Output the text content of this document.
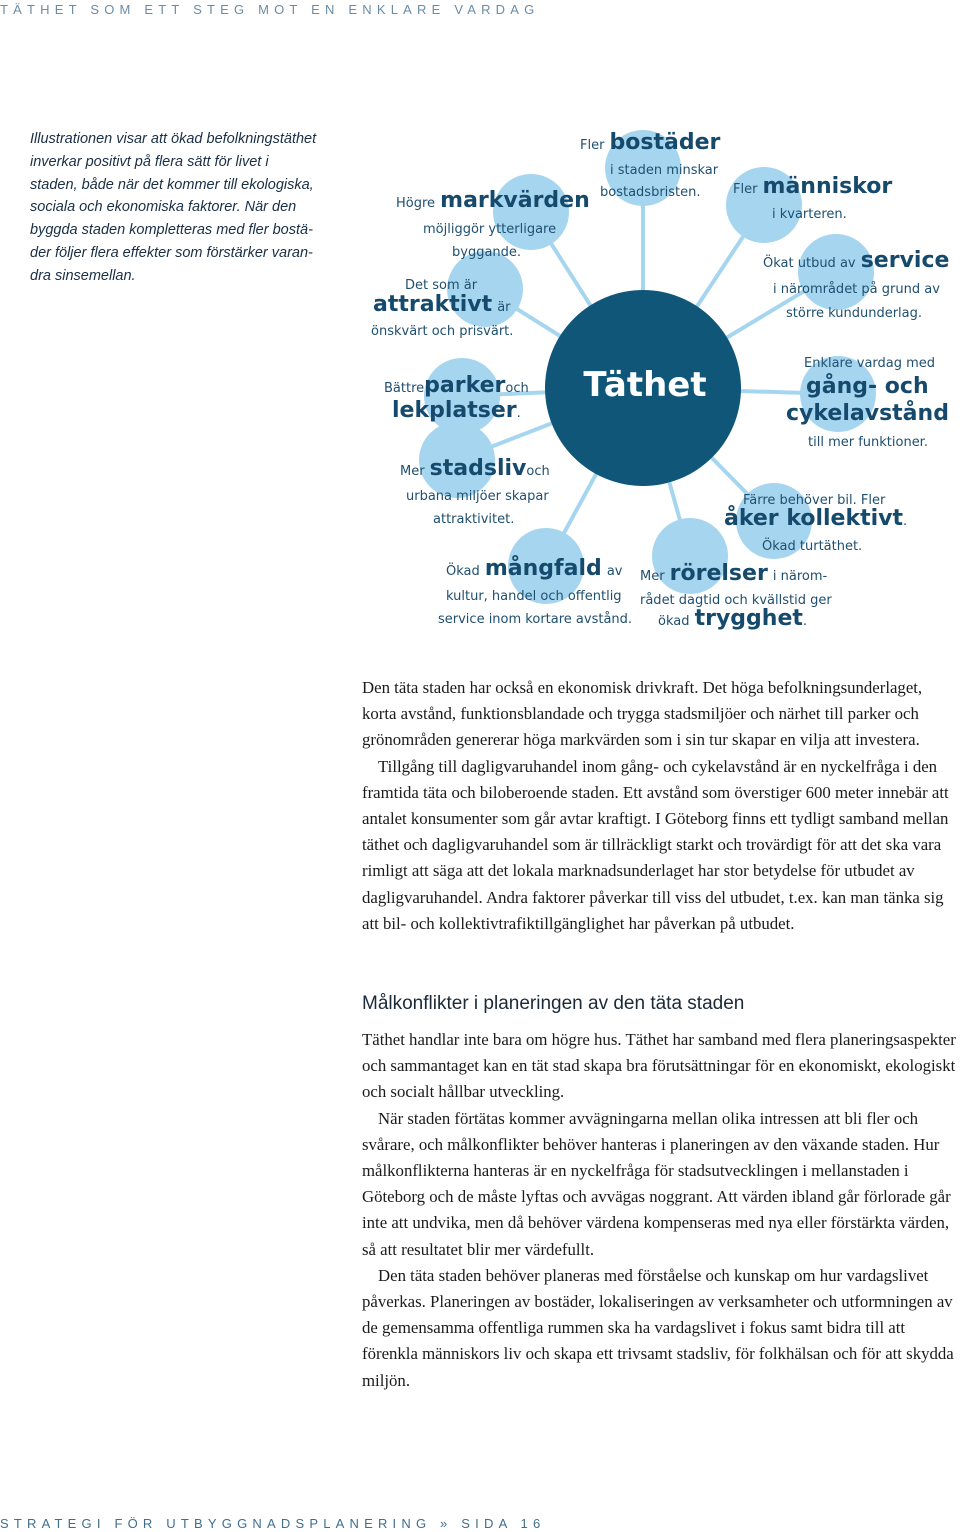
TÄTHET SOM ETT STEG MOT EN ENKLARE VARDAG
Illustrationen visar att ökad befolkningstäthet inverkar positivt på flera sätt för livet i staden, både när det kommer till ekologiska, sociala och ekonomiska faktorer. När den byggda staden kompletteras med fler bostäder följer flera effekter som förstärker varandra sinsemellan.
Täthet
Högre markvärden
möjliggör ytterligare
byggande.
Det som är
attraktivt är
önskvärt och prisvärt.
Bättreparkeroch
lekplatser.
Mer stadslivoch
urbana miljöer skapar
attraktivitet.
Ökad mångfald av
kultur, handel och offentlig
service inom kortare avstånd.
Fler bostäder
i staden minskar
bostadsbristen. Fler människor
i kvarteren.
Ökat utbud av service
i närområdet på grund av
större kundunderlag.
Enklare vardag med
gång- och
cykelavstånd
till mer funktioner.
Färre behöver bil. Fler
åker kollektivt.
Ökad turtäthet.
Mer rörelser i närom-
rådet dagtid och kvällstid ger
ökad trygghet.

Den täta staden har också en ekonomisk drivkraft. Det höga befolkningsunderlaget, korta avstånd, funktionsblandade och trygga stadsmiljöer och närhet till parker och grönområden genererar höga markvärden som i sin tur skapar en vilja att investera.

Tillgång till dagligvaruhandel inom gång- och cykelavstånd är en nyckelfråga i den framtida täta och biloberoende staden. Ett avstånd som överstiger 600 meter innebär att antalet konsumenter som går avtar kraftigt. I Göteborg finns ett tydligt samband mellan täthet och dagligvaruhandel som är tillräckligt starkt och trovärdigt för att det ska vara rimligt att säga att det lokala marknadsunderlaget har stor betydelse för utbudet av dagligvaruhandel. Andra faktorer påverkar till viss del utbudet, t.ex. kan man tänka sig att bil- och kollektivtrafiktillgänglighet har påverkan på utbudet.

Målkonflikter i planeringen av den täta staden

Täthet handlar inte bara om högre hus. Täthet har samband med flera planeringsaspekter och sammantaget kan en tät stad skapa bra förutsättningar för en ekonomiskt, ekologiskt och socialt hållbar utveckling.

När staden förtätas kommer avvägningarna mellan olika intressen att bli fler och svårare, och målkonflikter behöver hanteras i planeringen av den växande staden. Hur målkonflikterna hanteras är en nyckelfråga för stadsutvecklingen i mellanstaden i Göteborg och de måste lyftas och avvägas noggrant. Att värden ibland går förlorade går inte att undvika, men då behöver värdena kompenseras med nya eller förstärkta värden, så att resultatet blir mer värdefullt.

Den täta staden behöver planeras med förståelse och kunskap om hur vardagslivet påverkas. Planeringen av bostäder, lokaliseringen av verksamheter och utformningen av de gemensamma offentliga rummen ska ha vardagslivet i fokus samt bidra till att förenkla människors liv och skapa ett trivsamt stadsliv, för folkhälsan och för att skydda miljön.

STRATEGI FÖR UTBYGGNADSPLANERING » SIDA 16
